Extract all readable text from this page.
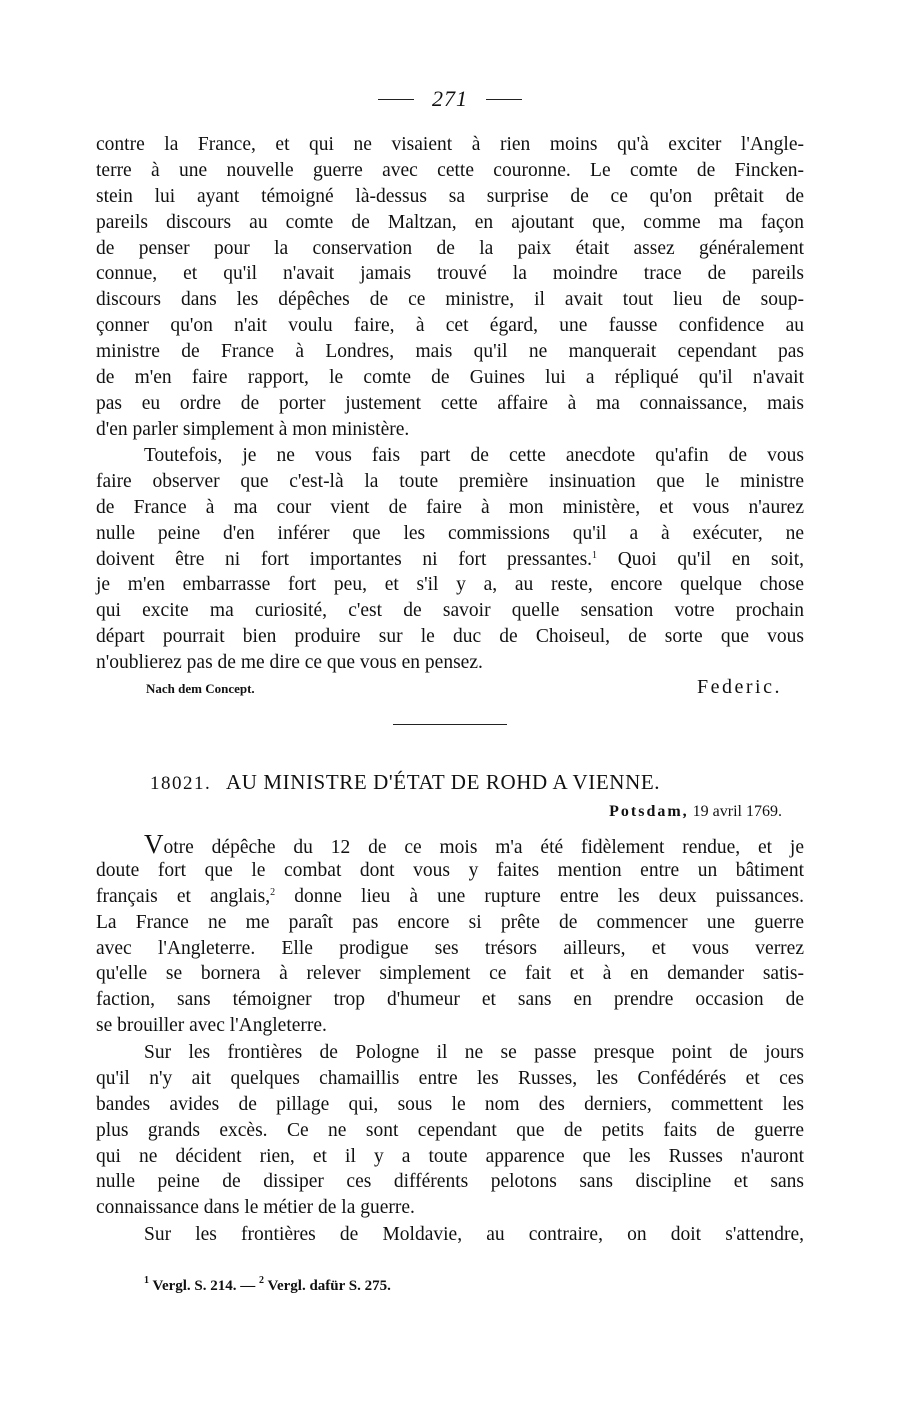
271
contre la France, et qui ne visaient à rien moins qu'à exciter l'Angle-
terre à une nouvelle guerre avec cette couronne. Le comte de Fincken-
stein lui ayant témoigné là-dessus sa surprise de ce qu'on prêtait de
pareils discours au comte de Maltzan, en ajoutant que, comme ma façon
de penser pour la conservation de la paix était assez généralement
connue, et qu'il n'avait jamais trouvé la moindre trace de pareils
discours dans les dépêches de ce ministre, il avait tout lieu de soup-
çonner qu'on n'ait voulu faire, à cet égard, une fausse confidence au
ministre de France à Londres, mais qu'il ne manquerait cependant pas
de m'en faire rapport, le comte de Guines lui a répliqué qu'il n'avait
pas eu ordre de porter justement cette affaire à ma connaissance, mais
d'en parler simplement à mon ministère.
Toutefois, je ne vous fais part de cette anecdote qu'afin de vous
faire observer que c'est-là la toute première insinuation que le ministre
de France à ma cour vient de faire à mon ministère, et vous n'aurez
nulle peine d'en inférer que les commissions qu'il a à exécuter, ne
doivent être ni fort importantes ni fort pressantes.$^1$ Quoi qu'il en soit,
je m'en embarrasse fort peu, et s'il y a, au reste, encore quelque chose
qui excite ma curiosité, c'est de savoir quelle sensation votre prochain
départ pourrait bien produire sur le duc de Choiseul, de sorte que vous
n'oublierez pas de me dire ce que vous en pensez.
Nach dem Concept.	Federic.
18021. AU MINISTRE D'ÉTAT DE ROHD A VIENNE.
Potsdam, 19 avril 1769.
Votre dépêche du 12 de ce mois m'a été fidèlement rendue, et je
doute fort que le combat dont vous y faites mention entre un bâtiment
français et anglais,$^2$ donne lieu à une rupture entre les deux puissances.
La France ne me paraît pas encore si prête de commencer une guerre
avec l'Angleterre. Elle prodigue ses trésors ailleurs, et vous verrez
qu'elle se bornera à relever simplement ce fait et à en demander satis-
faction, sans témoigner trop d'humeur et sans en prendre occasion de
se brouiller avec l'Angleterre.
Sur les frontières de Pologne il ne se passe presque point de jours
qu'il n'y ait quelques chamaillis entre les Russes, les Confédérés et ces
bandes avides de pillage qui, sous le nom des derniers, commettent les
plus grands excès. Ce ne sont cependant que de petits faits de guerre
qui ne décident rien, et il y a toute apparence que les Russes n'auront
nulle peine de dissiper ces différents pelotons sans discipline et sans
connaissance dans le métier de la guerre.
Sur les frontières de Moldavie, au contraire, on doit s'attendre,
$^1$ Vergl. S. 214. — $^2$ Vergl. dafür S. 275.
